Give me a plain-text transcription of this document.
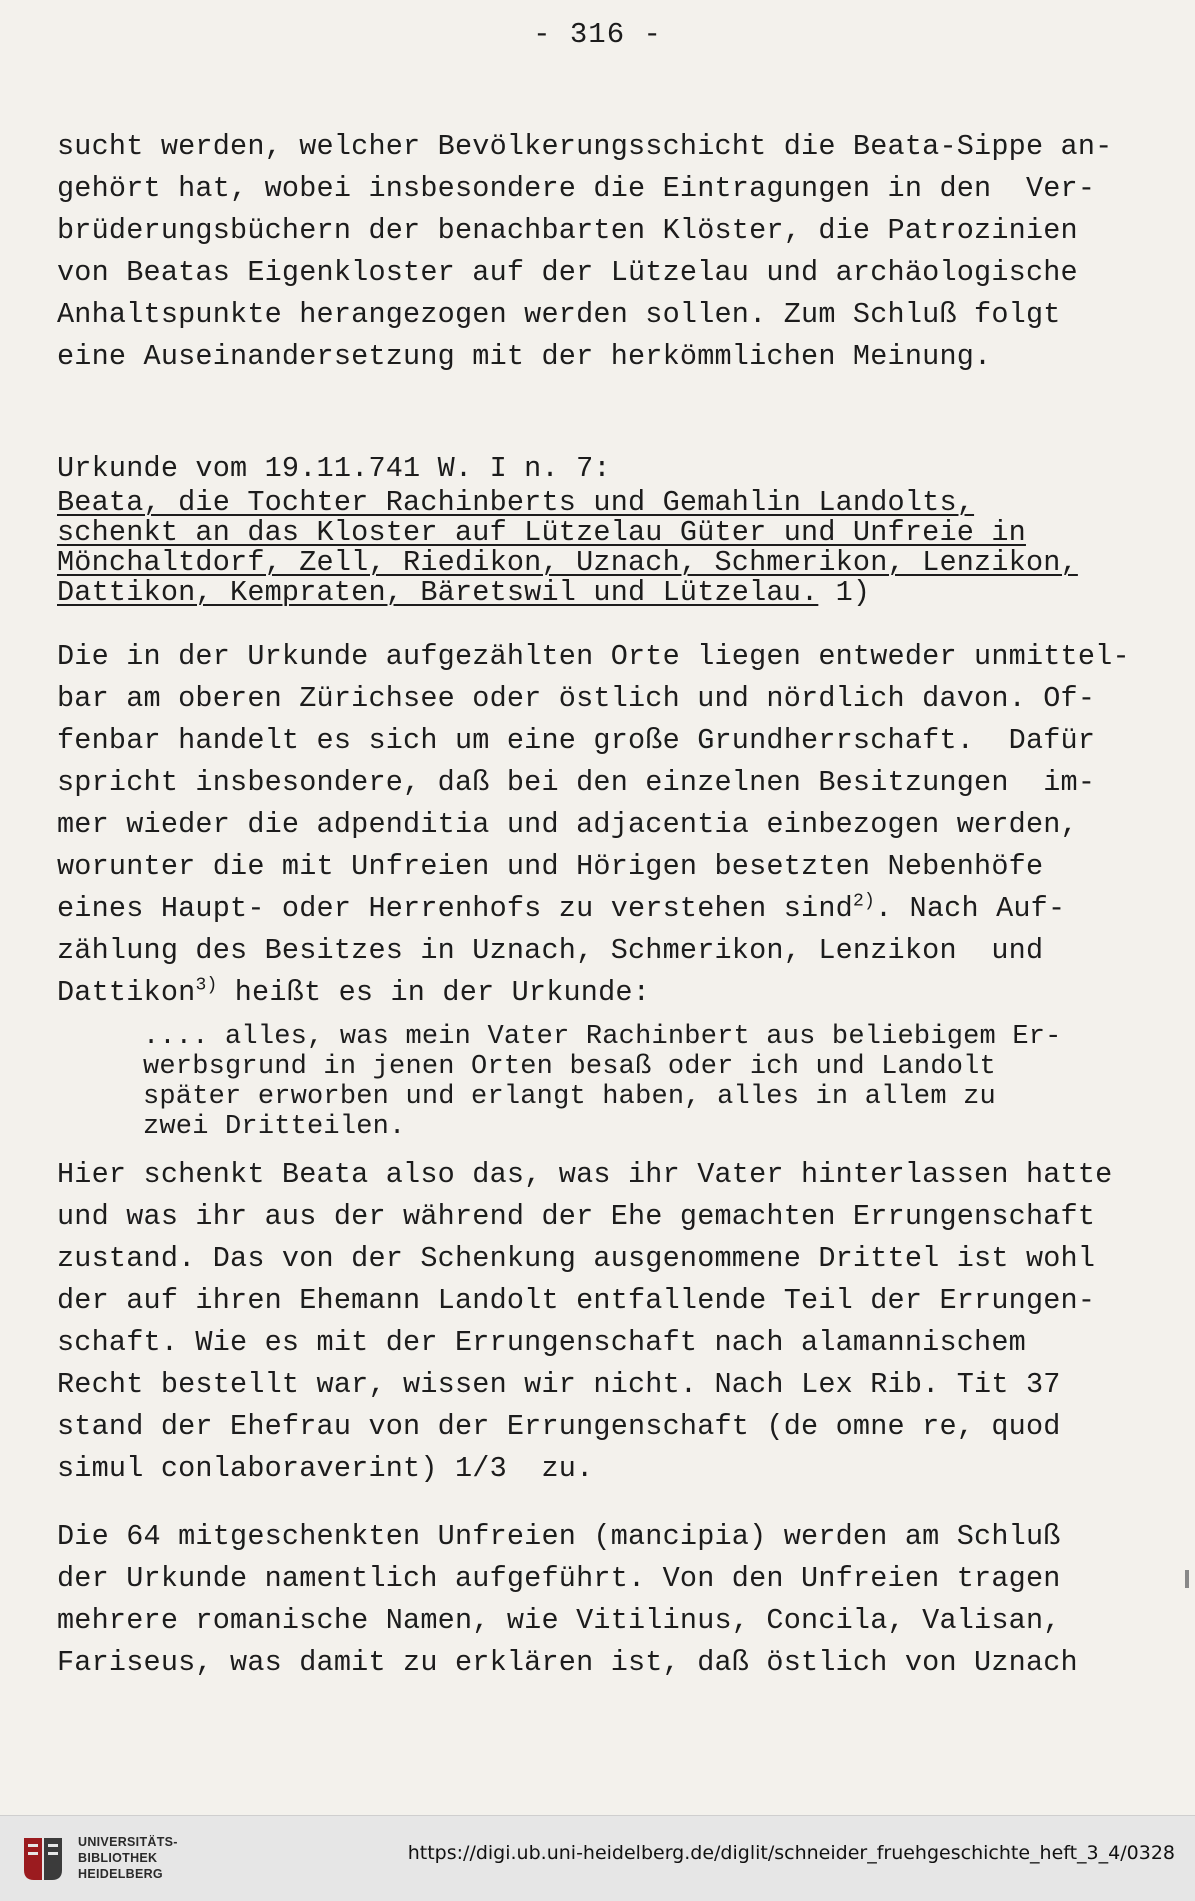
- 316 -
sucht werden, welcher Bevölkerungsschicht die Beata-Sippe an-
gehört hat, wobei insbesondere die Eintragungen in den  Ver-
brüderungsbüchern der benachbarten Klöster, die Patrozinien
von Beatas Eigenkloster auf der Lützelau und archäologische
Anhaltspunkte herangezogen werden sollen. Zum Schluß folgt
eine Auseinandersetzung mit der herkömmlichen Meinung.
Urkunde vom 19.11.741 W. I n. 7:
Beata, die Tochter Rachinberts und Gemahlin Landolts,
schenkt an das Kloster auf Lützelau Güter und Unfreie in
Mönchaltdorf, Zell, Riedikon, Uznach, Schmerikon, Lenzikon,
Dattikon, Kempraten, Bäretswil und Lützelau. 1)
Die in der Urkunde aufgezählten Orte liegen entweder unmittel-
bar am oberen Zürichsee oder östlich und nördlich davon. Of-
fenbar handelt es sich um eine große Grundherrschaft.  Dafür
spricht insbesondere, daß bei den einzelnen Besitzungen  im-
mer wieder die adpenditia und adjacentia einbezogen werden,
worunter die mit Unfreien und Hörigen besetzten Nebenhöfe
eines Haupt- oder Herrenhofs zu verstehen sind$^{2)}$. Nach Auf-
zählung des Besitzes in Uznach, Schmerikon, Lenzikon  und
Dattikon$^{3)}$ heißt es in der Urkunde:
.... alles, was mein Vater Rachinbert aus beliebigem Er-
werbsgrund in jenen Orten besaß oder ich und Landolt
später erworben und erlangt haben, alles in allem zu
zwei Dritteilen.
Hier schenkt Beata also das, was ihr Vater hinterlassen hatte
und was ihr aus der während der Ehe gemachten Errungenschaft
zustand. Das von der Schenkung ausgenommene Drittel ist wohl
der auf ihren Ehemann Landolt entfallende Teil der Errungen-
schaft. Wie es mit der Errungenschaft nach alamannischem
Recht bestellt war, wissen wir nicht. Nach Lex Rib. Tit 37
stand der Ehefrau von der Errungenschaft (de omne re, quod
simul conlaboraverint) 1/3  zu.
Die 64 mitgeschenkten Unfreien (mancipia) werden am Schluß
der Urkunde namentlich aufgeführt. Von den Unfreien tragen
mehrere romanische Namen, wie Vitilinus, Concila, Valisan,
Fariseus, was damit zu erklären ist, daß östlich von Uznach
UNIVERSITÄTS-
BIBLIOTHEK
HEIDELBERG
https://digi.ub.uni-heidelberg.de/diglit/schneider_fruehgeschichte_heft_3_4/0328
